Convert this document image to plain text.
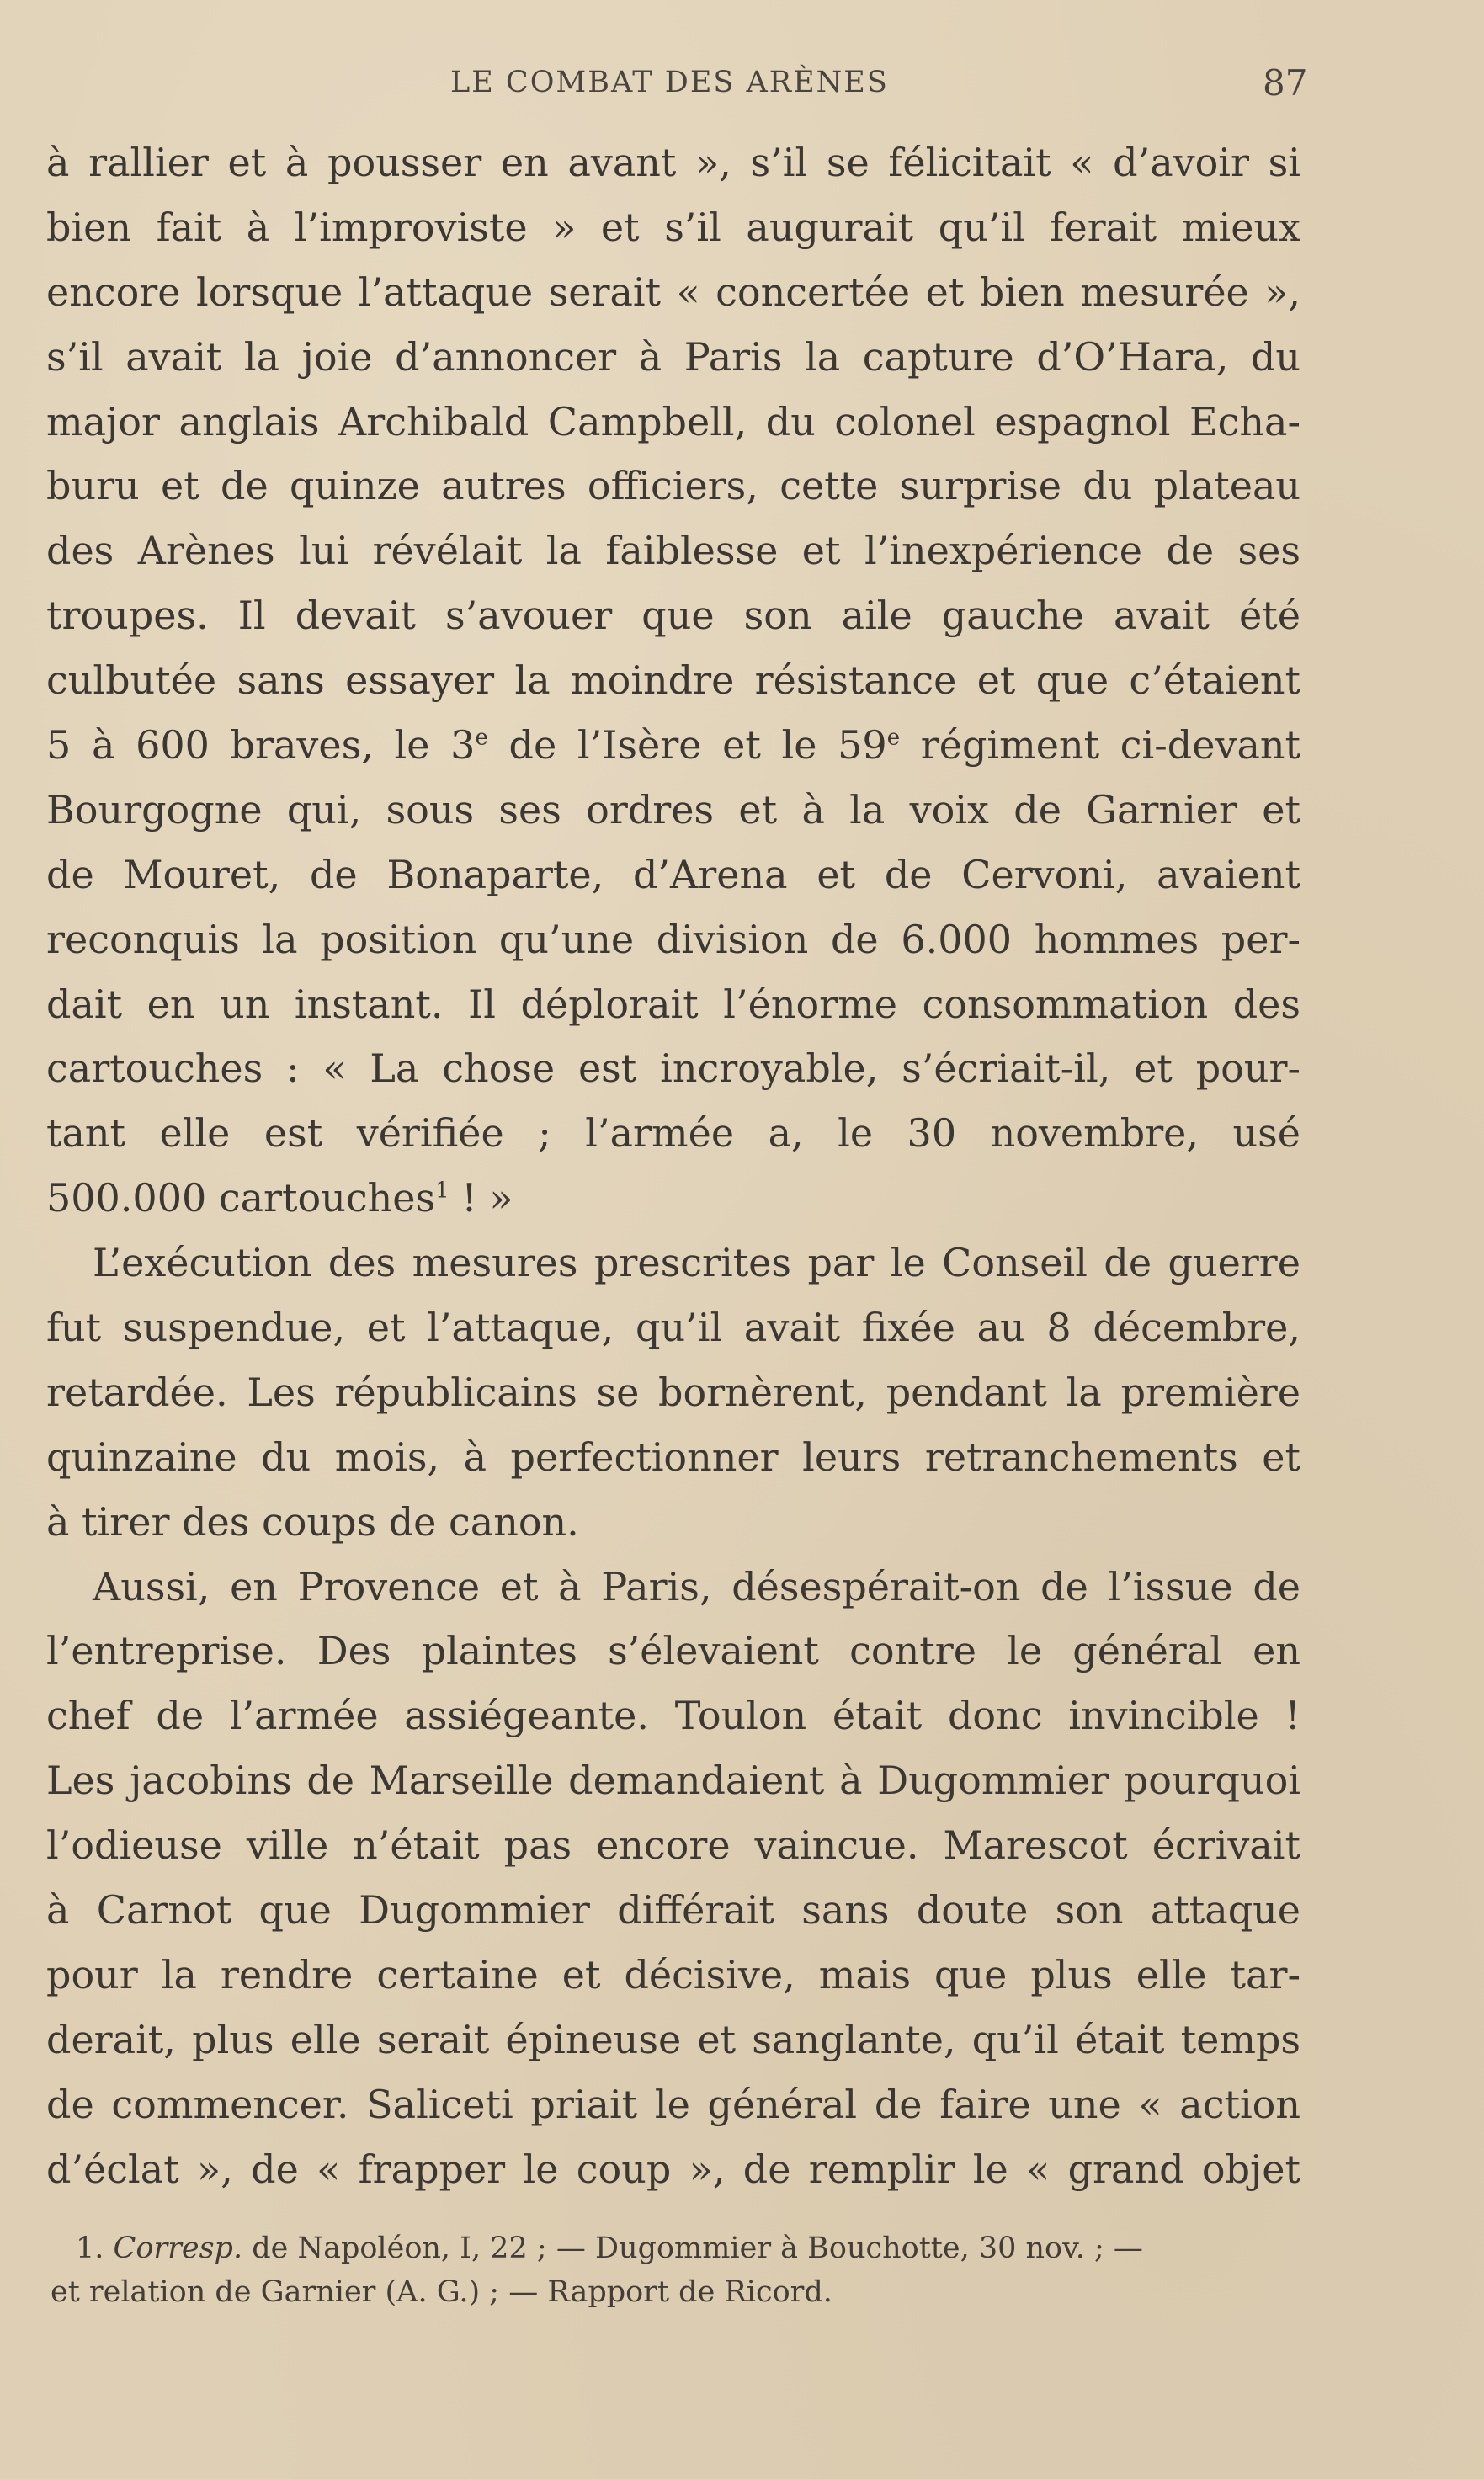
LE COMBAT DES ARÈNES	87
à rallier et à pousser en avant », s’il se félicitait « d’avoir si
bien fait à l’improviste » et s’il augurait qu’il ferait mieux
encore lorsque l’attaque serait « concertée et bien mesurée »,
s’il avait la joie d’annoncer à Paris la capture d’O’Hara, du
major anglais Archibald Campbell, du colonel espagnol Echa-
buru et de quinze autres officiers, cette surprise du plateau
des Arènes lui révélait la faiblesse et l’inexpérience de ses
troupes. Il devait s’avouer que son aile gauche avait été
culbutée sans essayer la moindre résistance et que c’étaient
5 à 600 braves, le 3e de l’Isère et le 59e régiment ci-devant
Bourgogne qui, sous ses ordres et à la voix de Garnier et
de Mouret, de Bonaparte, d’Arena et de Cervoni, avaient
reconquis la position qu’une division de 6.000 hommes per-
dait en un instant. Il déplorait l’énorme consommation des
cartouches : « La chose est incroyable, s’écriait-il, et pour-
tant elle est vérifiée ; l’armée a, le 30 novembre, usé
500.000 cartouches$^1$ ! »
L’exécution des mesures prescrites par le Conseil de guerre
fut suspendue, et l’attaque, qu’il avait fixée au 8 décembre,
retardée. Les républicains se bornèrent, pendant la première
quinzaine du mois, à perfectionner leurs retranchements et
à tirer des coups de canon.
Aussi, en Provence et à Paris, désespérait-on de l’issue de
l’entreprise. Des plaintes s’élevaient contre le général en
chef de l’armée assiégeante. Toulon était donc invincible !
Les jacobins de Marseille demandaient à Dugommier pourquoi
l’odieuse ville n’était pas encore vaincue. Marescot écrivait
à Carnot que Dugommier différait sans doute son attaque
pour la rendre certaine et décisive, mais que plus elle tar-
derait, plus elle serait épineuse et sanglante, qu’il était temps
de commencer. Saliceti priait le général de faire une « action
d’éclat », de « frapper le coup », de remplir le « grand objet
1. Corresp. de Napoléon, I, 22 ; — Dugommier à Bouchotte, 30 nov. ; —
et relation de Garnier (A. G.) ; — Rapport de Ricord.
